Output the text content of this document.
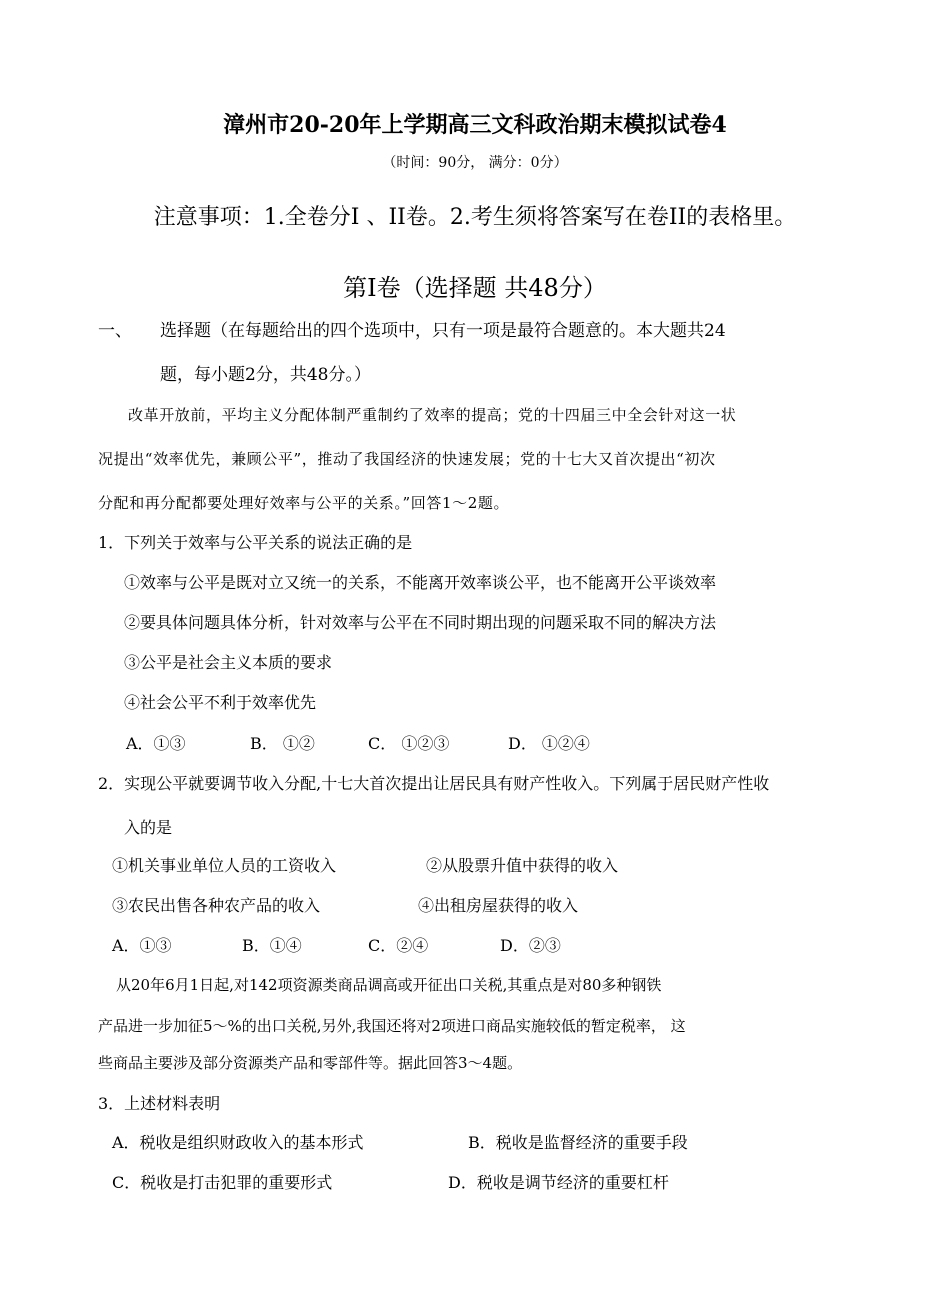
漳州市20-20年上学期高三文科政治期末模拟试卷4
（时间：90分， 满分：0分）
注意事项：1.全卷分I 、II卷。2.考生须将答案写在卷II的表格里。
第I卷（选择题 共48分）
一、 选择题（在每题给出的四个选项中，只有一项是最符合题意的。本大题共24
题，每小题2分，共48分。）
改革开放前，平均主义分配体制严重制约了效率的提高；党的十四届三中全会针对这一状
况提出“效率优先，兼顾公平”，推动了我国经济的快速发展；党的十七大又首次提出“初次
分配和再分配都要处理好效率与公平的关系。”回答1～2题。
1．下列关于效率与公平关系的说法正确的是
①效率与公平是既对立又统一的关系，不能离开效率谈公平，也不能离开公平谈效率
②要具体问题具体分析，针对效率与公平在不同时期出现的问题采取不同的解决方法
③公平是社会主义本质的要求
④社会公平不利于效率优先
A．①③	B． ①②	C． ①②③	D． ①②④
2．实现公平就要调节收入分配,十七大首次提出让居民具有财产性收入。下列属于居民财产性收
入的是
①机关事业单位人员的工资收入	②从股票升值中获得的收入
③农民出售各种农产品的收入	④出租房屋获得的收入
A．①③	B．①④	C．②④	D．②③
从20年6月1日起,对142项资源类商品调高或开征出口关税,其重点是对80多种钢铁
产品进一步加征5～%的出口关税,另外,我国还将对2项进口商品实施较低的暂定税率， 这
些商品主要涉及部分资源类产品和零部件等。据此回答3～4题。
3．上述材料表明
A．税收是组织财政收入的基本形式	B．税收是监督经济的重要手段
C．税收是打击犯罪的重要形式	D．税收是调节经济的重要杠杆
